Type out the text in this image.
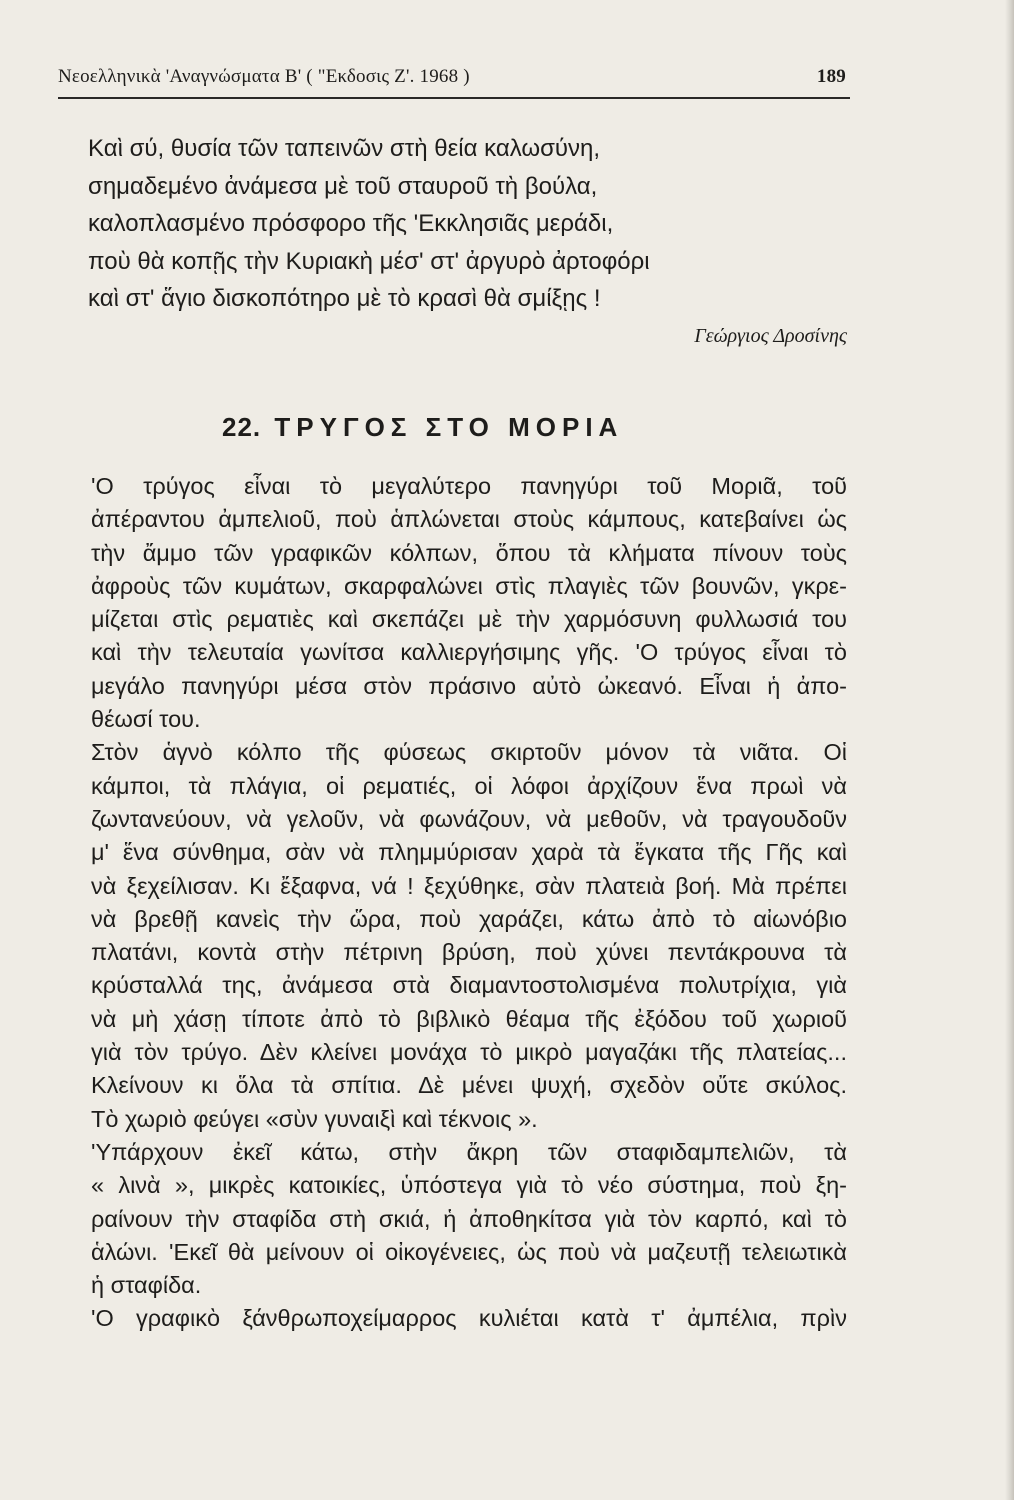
Νεοελληνικὰ 'Αναγνώσματα Β' ( "Εκδοσις Ζ'. 1968 )	189

Καὶ σύ, θυσία τῶν ταπεινῶν στὴ θεία καλωσύνη,

σημαδεμένο ἀνάμεσα μὲ τοῦ σταυροῦ τὴ βούλα,

καλοπλασμένο πρόσφορο τῆς 'Εκκλησιᾶς μεράδι,

ποὺ θὰ κοπῇς τὴν Κυριακὴ μέσ' στ' ἀργυρὸ ἀρτοφόρι

καὶ στ' ἅγιο δισκοπότηρο μὲ τὸ κρασὶ θὰ σμίξῃς !

Γεώργιος Δροσίνης
22. ΤΡΥΓΟΣ ΣΤΟ ΜΟΡΙΑ

'Ο τρύγος εἶναι τὸ μεγαλύτερο πανηγύρι τοῦ Μοριᾶ, τοῦ
ἀπέραντου ἀμπελιοῦ, ποὺ ἁπλώνεται στοὺς κάμπους, κατεβαίνει ὡς
τὴν ἄμμο τῶν γραφικῶν κόλπων, ὅπου τὰ κλήματα πίνουν τοὺς
ἀφροὺς τῶν κυμάτων, σκαρφαλώνει στὶς πλαγιὲς τῶν βουνῶν, γκρε-
μίζεται στὶς ρεματιὲς καὶ σκεπάζει μὲ τὴν χαρμόσυνη φυλλωσιά του
καὶ τὴν τελευταία γωνίτσα καλλιεργήσιμης γῆς. 'Ο τρύγος εἶναι τὸ
μεγάλο πανηγύρι μέσα στὸν πράσινο αὐτὸ ὠκεανό. Εἶναι ἡ ἀπο-
θέωσί του.

Στὸν ἁγνὸ κόλπο τῆς φύσεως σκιρτοῦν μόνον τὰ νιᾶτα. Οἱ
κάμποι, τὰ πλάγια, οἱ ρεματιές, οἱ λόφοι ἀρχίζουν ἕνα πρωὶ νὰ
ζωντανεύουν, νὰ γελοῦν, νὰ φωνάζουν, νὰ μεθοῦν, νὰ τραγουδοῦν
μ' ἕνα σύνθημα, σὰν νὰ πλημμύρισαν χαρὰ τὰ ἔγκατα τῆς Γῆς καὶ
νὰ ξεχείλισαν. Κι ἔξαφνα, νά ! ξεχύθηκε, σὰν πλατειὰ βοή. Μὰ πρέπει
νὰ βρεθῇ κανεὶς τὴν ὥρα, ποὺ χαράζει, κάτω ἀπὸ τὸ αἰωνόβιο
πλατάνι, κοντὰ στὴν πέτρινη βρύση, ποὺ χύνει πεντάκρουνα τὰ
κρύσταλλά της, ἀνάμεσα στὰ διαμαντοστολισμένα πολυτρίχια, γιὰ
νὰ μὴ χάσῃ τίποτε ἀπὸ τὸ βιβλικὸ θέαμα τῆς ἐξόδου τοῦ χωριοῦ
γιὰ τὸν τρύγο. Δὲν κλείνει μονάχα τὸ μικρὸ μαγαζάκι τῆς πλατείας...
Κλείνουν κι ὅλα τὰ σπίτια. Δὲ μένει ψυχή, σχεδὸν οὔτε σκύλος.
Τὸ χωριὸ φεύγει «σὺν γυναιξὶ καὶ τέκνοις ».

'Υπάρχουν ἐκεῖ κάτω, στὴν ἄκρη τῶν σταφιδαμπελιῶν, τὰ
« λινὰ », μικρὲς κατοικίες, ὑπόστεγα γιὰ τὸ νέο σύστημα, ποὺ ξη-
ραίνουν τὴν σταφίδα στὴ σκιά, ἡ ἀποθηκίτσα γιὰ τὸν καρπό, καὶ τὸ
ἁλώνι. 'Εκεῖ θὰ μείνουν οἱ οἰκογένειες, ὡς ποὺ νὰ μαζευτῇ τελειωτικὰ
ἡ σταφίδα.

'Ο γραφικὸ ξάνθρωποχείμαρρος κυλιέται κατὰ τ' ἀμπέλια, πρὶν
